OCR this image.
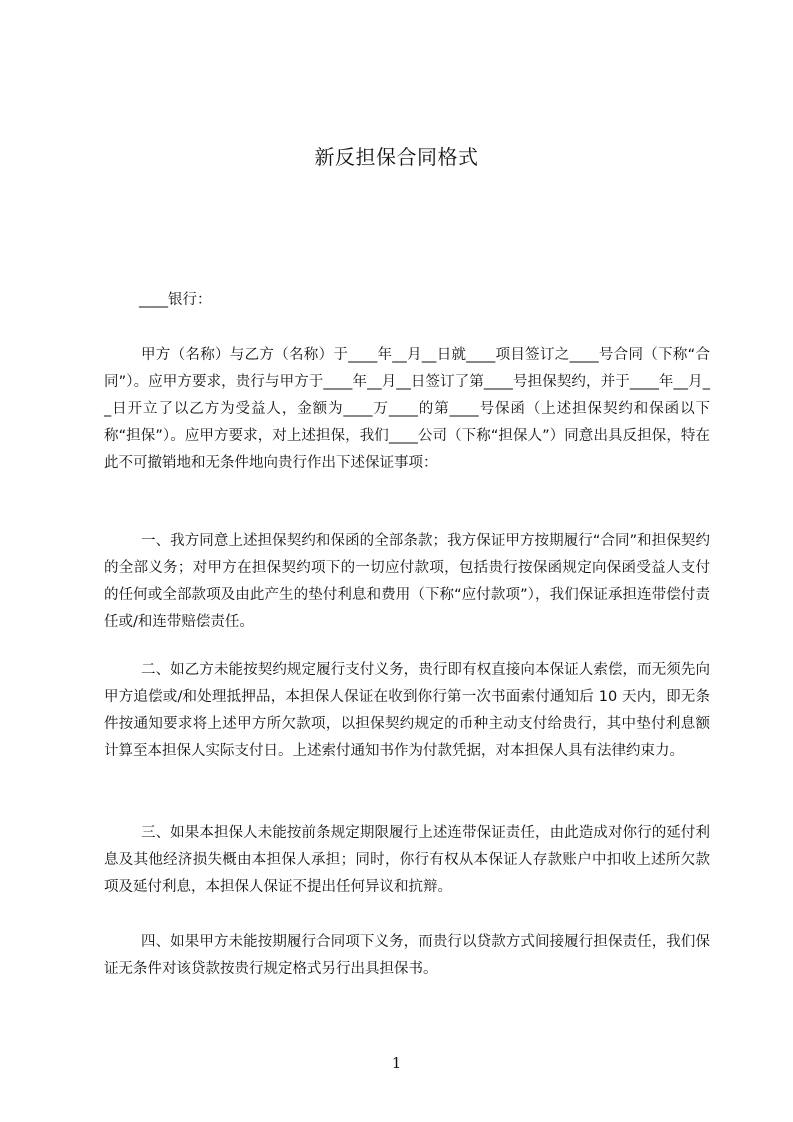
新反担保合同格式
____银行：

甲方（名称）与乙方（名称）于____年__月__日就____项目签订之____号合同（下称“合同”）。应甲方要求，贵行与甲方于____年__月__日签订了第____号担保契约，并于____年__月__日开立了以乙方为受益人，金额为____万____的第____号保函（上述担保契约和保函以下称“担保”）。应甲方要求，对上述担保，我们____公司（下称“担保人”）同意出具反担保，特在此不可撤销地和无条件地向贵行作出下述保证事项：

一、我方同意上述担保契约和保函的全部条款；我方保证甲方按期履行“合同”和担保契约的全部义务；对甲方在担保契约项下的一切应付款项，包括贵行按保函规定向保函受益人支付的任何或全部款项及由此产生的垫付利息和费用（下称“应付款项”），我们保证承担连带偿付责任或/和连带赔偿责任。

二、如乙方未能按契约规定履行支付义务，贵行即有权直接向本保证人索偿，而无须先向甲方追偿或/和处理抵押品，本担保人保证在收到你行第一次书面索付通知后 10 天内，即无条件按通知要求将上述甲方所欠款项，以担保契约规定的币种主动支付给贵行，其中垫付利息额计算至本担保人实际支付日。上述索付通知书作为付款凭据，对本担保人具有法律约束力。

三、如果本担保人未能按前条规定期限履行上述连带保证责任，由此造成对你行的延付利息及其他经济损失概由本担保人承担；同时，你行有权从本保证人存款账户中扣收上述所欠款项及延付利息，本担保人保证不提出任何异议和抗辩。

四、如果甲方未能按期履行合同项下义务，而贵行以贷款方式间接履行担保责任，我们保证无条件对该贷款按贵行规定格式另行出具担保书。

1
